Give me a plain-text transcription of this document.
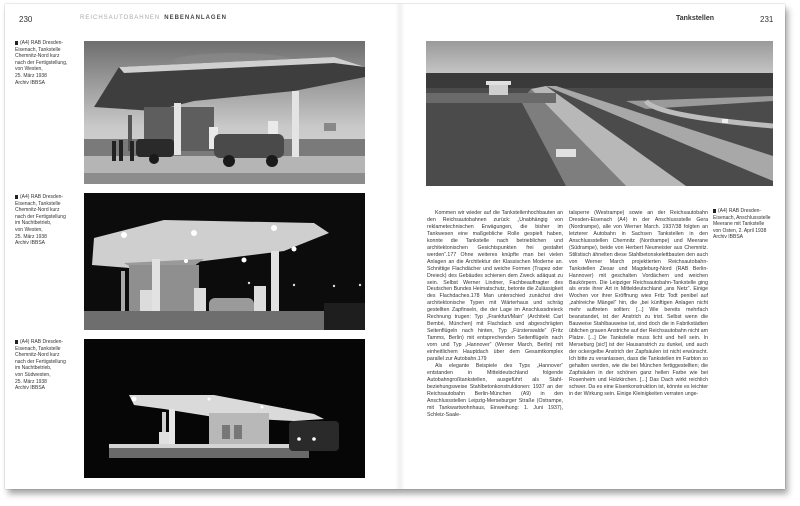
230	REICHSAUTOBAHNEN NEBENANLAGEN
(A4) RAB Dresden-
Eisenach, Tankstelle
Chemnitz-Nord kurz
nach der Fertigstellung,
von Westen,
25. März 1938
Archiv IBBSA
(A4) RAB Dresden-
Eisenach, Tankstelle
Chemnitz-Nord kurz
nach der Fertigstellung
im Nachtbetrieb,
von Westen,
25. März 1938
Archiv IBBSA
(A4) RAB Dresden-
Eisenach, Tankstelle
Chemnitz-Nord kurz
nach der Fertigstellung
im Nachtbetrieb,
von Südwesten,
25. März 1938
Archiv IBBSA
Tankstellen	231
(A4) RAB Dresden-
Eisenach, Anschlussstelle
Meerane mit Tankstelle
von Osten, 2. April 1938
Archiv IBBSA

Kommen wir wieder auf die Tankstellenhochbauten an den Reichsautobahnen zurück: „Unabhängig von reklametechnischen Erwägungen, die bisher im Tankwesen eine maßgebliche Rolle gespielt haben, konnte die Tankstelle nach betrieblichen und architektonischen Gesichtspunkten frei gestaltet werden“.177 Ohne weiteres knüpfte man bei vielen Anlagen an die Architektur der Klassischen Moderne an. Schnittige Flachdächer und weiche Formen (Trapez oder Dreieck) des Gebäudes schienen dem Zweck adäquat zu sein. Selbst Werner Lindner, Fachbeauftragter des Deutschen Bundes Heimatschutz, betonte die Zulässigkeit des Flachdaches.178 Man unterschied zunächst drei architektonische Typen mit Wärterhaus und schräg gestellten Zapfinseln, die der Lage im Anschlussdreieck Rechnung trugen: Typ „Frankfurt/Main“ (Architekt Carl Bembé, München) mit Flachdach und abgeschrägten Seitenflügeln nach hinten, Typ „Fürstenwalde“ (Fritz Tamms, Berlin) mit entsprechenden Seitenflügeln nach vorn und Typ „Hannover“ (Werner March, Berlin) mit einheitlichem Hauptdach über dem Gesamtkomplex parallel zur Autobahn.179

Als elegante Beispiele des Typs „Hannover“ entstanden in Mitteldeutschland folgende Autobahngroßtankstellen, ausgeführt als Stahl- beziehungsweise Stahlbetonkonstruktionen: 1937 an der Reichsautobahn Berlin-München (A9) in den Anschlussstellen Leipzig-Merseburger Straße (Ostrampe, mit Tankwartwohnhaus, Einweihung: 1. Juni 1937), Schleiz-Saale-

talsperre (Westrampe) sowie an der Reichsautobahn Dresden-Eisenach (A4) in der Anschlussstelle Gera (Nordrampe), alle von Werner March. 1937/38 folgten an letzterer Autobahn in Sachsen Tankstellen in den Anschlussstellen Chemnitz (Nordrampe) und Meerane (Südrampe), beide von Herbert Neumeister aus Chemnitz. Stilistisch ähnelten diese Stahlbetonskelettbauten den auch von Werner March projektierten Reichsautobahn-Tankstellen Ziesar und Magdeburg-Nord (RAB Berlin-Hannover) mit geschalten Vordächern und weichen Baukörpern. Die Leipziger Reichsautobahn-Tankstelle ging als erste ihrer Art in Mitteldeutschland „ans Netz“. Einige Wochen vor ihrer Eröffnung wies Fritz Todt penibel auf „zahlreiche Mängel“ hin, die „bei künftigen Anlagen nicht mehr auftreten sollten: [...] Wie bereits mehrfach beanstandet, ist der Anstrich zu trist. Selbst wenn die Bauweise Stahlbauweise ist, sind doch die in Fabrikstädten üblichen grauen Anstriche auf der Reichsautobahn nicht am Platze. [...] Die Tankstelle muss licht und hell sein. In Merseburg [sic!] ist der Hausanstrich zu dunkel, und auch der ockergelbe Anstrich der Zapfsäulen ist nicht erwünscht. Ich bitte zu veranlassen, dass die Tankstellen im Farbton so gehalten werden, wie die bei München fertiggestellten; die Zapfsäulen in der schönen ganz hellen Farbe wie bei Rosenheim und Holzkirchen. [...] Das Dach wirkt reichlich schwer. Da es eine Eisenkonstruktion ist, könnte es leichter in der Wirkung sein. Einige Kleinigkeiten verraten unge-
